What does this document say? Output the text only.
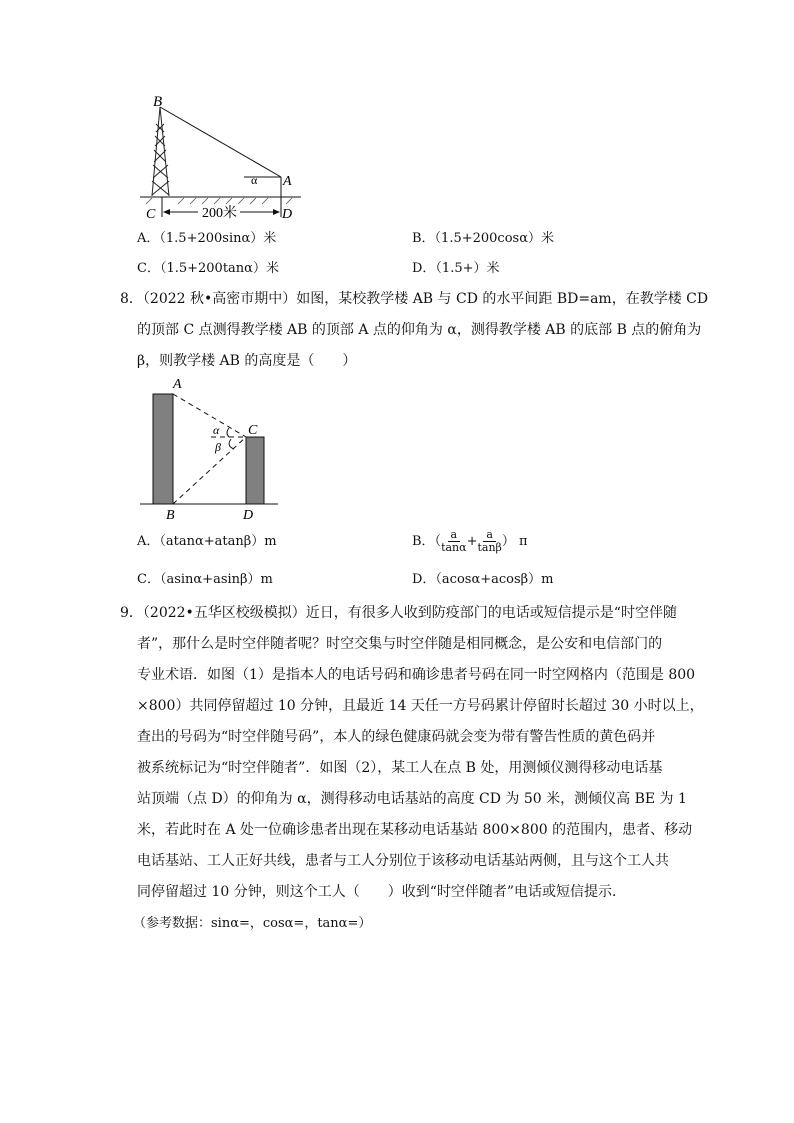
B
A
C	D
α
200米
A．（1.5+200sinα）米	B．（1.5+200cosα）米
C．（1.5+200tanα）米	D．（1.5+）米
8．（2022 秋•高密市期中）如图，某校教学楼 AB 与 CD 的水平间距 BD=am，在教学楼 CD
的顶部 C 点测得教学楼 AB 的顶部 A 点的仰角为 α，测得教学楼 AB 的底部 B 点的俯角为
β，则教学楼 AB 的高度是（　　）
A
B
C
D
α
β
A．（atanα+atanβ）m	B．（ $\frac{a}{\tan\alpha} + \frac{a}{\tan\beta}$ ） π
C．（asinα+asinβ）m	D．（acosα+acosβ）m
9．（2022•五华区校级模拟）近日，有很多人收到防疫部门的电话或短信提示是“时空伴随
者”，那什么是时空伴随者呢？时空交集与时空伴随是相同概念，是公安和电信部门的
专业术语．如图（1）是指本人的电话号码和确诊患者号码在同一时空网格内（范围是 800
×800）共同停留超过 10 分钟，且最近 14 天任一方号码累计停留时长超过 30 小时以上，
查出的号码为“时空伴随号码”，本人的绿色健康码就会变为带有警告性质的黄色码并
被系统标记为“时空伴随者”．如图（2），某工人在点 B 处，用测倾仪测得移动电话基
站顶端（点 D）的仰角为 α，测得移动电话基站的高度 CD 为 50 米，测倾仪高 BE 为 1
米，若此时在 A 处一位确诊患者出现在某移动电话基站 800×800 的范围内，患者、移动
电话基站、工人正好共线，患者与工人分别位于该移动电话基站两侧，且与这个工人共
同停留超过 10 分钟，则这个工人（　　）收到“时空伴随者”电话或短信提示．
（参考数据：sinα=，cosα=，tanα=）
